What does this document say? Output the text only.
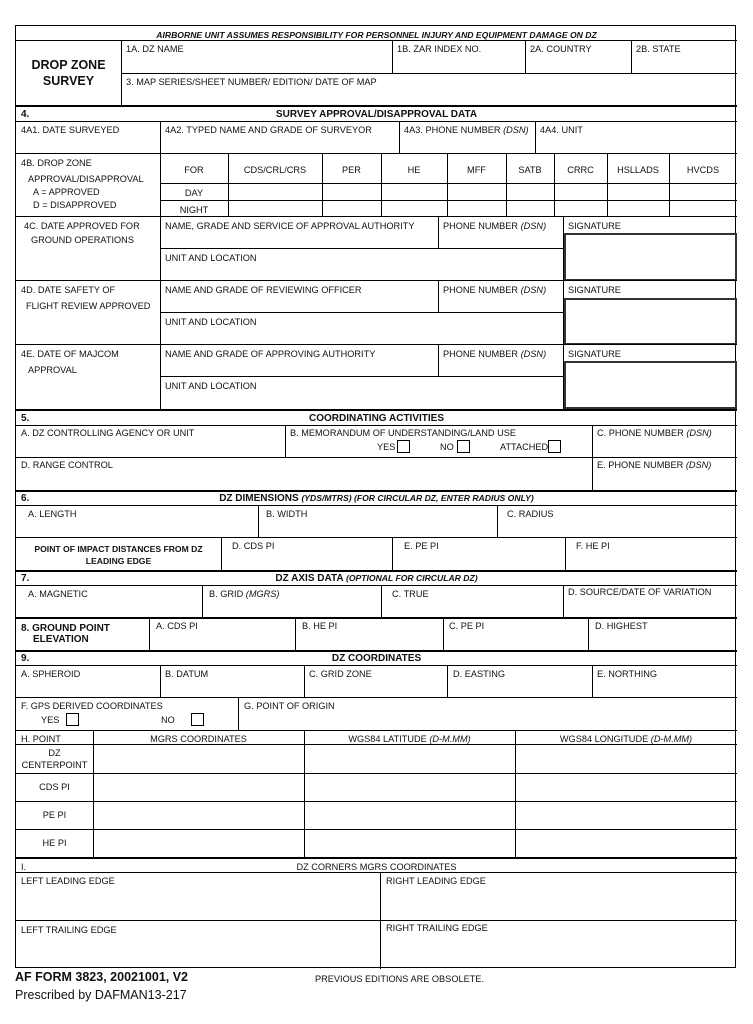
AIRBORNE UNIT ASSUMES RESPONSIBILITY FOR PERSONNEL INJURY AND EQUIPMENT DAMAGE ON DZ
DROP ZONE
SURVEY
1A. DZ NAME	1B. ZAR INDEX NO.	2A. COUNTRY	2B. STATE
3. MAP SERIES/SHEET NUMBER/ EDITION/ DATE OF MAP
4.	SURVEY APPROVAL/DISAPPROVAL DATA
4A1. DATE SURVEYED	4A2. TYPED NAME AND GRADE OF SURVEYOR	4A3. PHONE NUMBER (DSN) 4A4. UNIT
4B. DROP ZONE
APPROVAL/DISAPPROVAL
A = APPROVED
D = DISAPPROVED
FOR	CDS/CRL/CRS	PER	HE	MFF	SATB	CRRC	HSLLADS	HVCDS
DAY
NIGHT
4C. DATE APPROVED FOR
GROUND OPERATIONS
NAME, GRADE AND SERVICE OF APPROVAL AUTHORITY	PHONE NUMBER (DSN) SIGNATURE
UNIT AND LOCATION
4D. DATE SAFETY OF
FLIGHT REVIEW APPROVED
NAME AND GRADE OF REVIEWING OFFICER	PHONE NUMBER (DSN) SIGNATURE
UNIT AND LOCATION
4E. DATE OF MAJCOM
APPROVAL
NAME AND GRADE OF APPROVING AUTHORITY	PHONE NUMBER (DSN) SIGNATURE
UNIT AND LOCATION
5.	COORDINATING ACTIVITIES
A. DZ CONTROLLING AGENCY OR UNIT	B. MEMORANDUM OF UNDERSTANDING/LAND USE
YES	NO	ATTACHED
C. PHONE NUMBER (DSN)
D. RANGE CONTROL	E. PHONE NUMBER (DSN)
6.	DZ DIMENSIONS (YDS/MTRS) (FOR CIRCULAR DZ, ENTER RADIUS ONLY)
A. LENGTH	B. WIDTH	C. RADIUS
POINT OF IMPACT DISTANCES FROM DZ
LEADING EDGE
D. CDS PI	E. PE PI	F. HE PI
7.	DZ AXIS DATA (OPTIONAL FOR CIRCULAR DZ)
A. MAGNETIC	B. GRID (MGRS)	C. TRUE	D. SOURCE/DATE OF VARIATION
8. GROUND POINT
ELEVATION
A. CDS PI	B. HE PI	C. PE PI	D. HIGHEST
9.	DZ COORDINATES
A. SPHEROID	B. DATUM	C. GRID ZONE	D. EASTING	E. NORTHING
F. GPS DERIVED COORDINATES
YES	NO
G. POINT OF ORIGIN
H. POINT	MGRS COORDINATES	WGS84 LATITUDE (D-M.MM)	WGS84 LONGITUDE (D-M.MM)
DZ
CENTERPOINT
CDS PI
PE PI
HE PI
I.	DZ CORNERS MGRS COORDINATES
LEFT LEADING EDGE	RIGHT LEADING EDGE
LEFT TRAILING EDGE	RIGHT TRAILING EDGE
AF FORM 3823, 20021001, V2	PREVIOUS EDITIONS ARE OBSOLETE.
Prescribed by DAFMAN13-217
